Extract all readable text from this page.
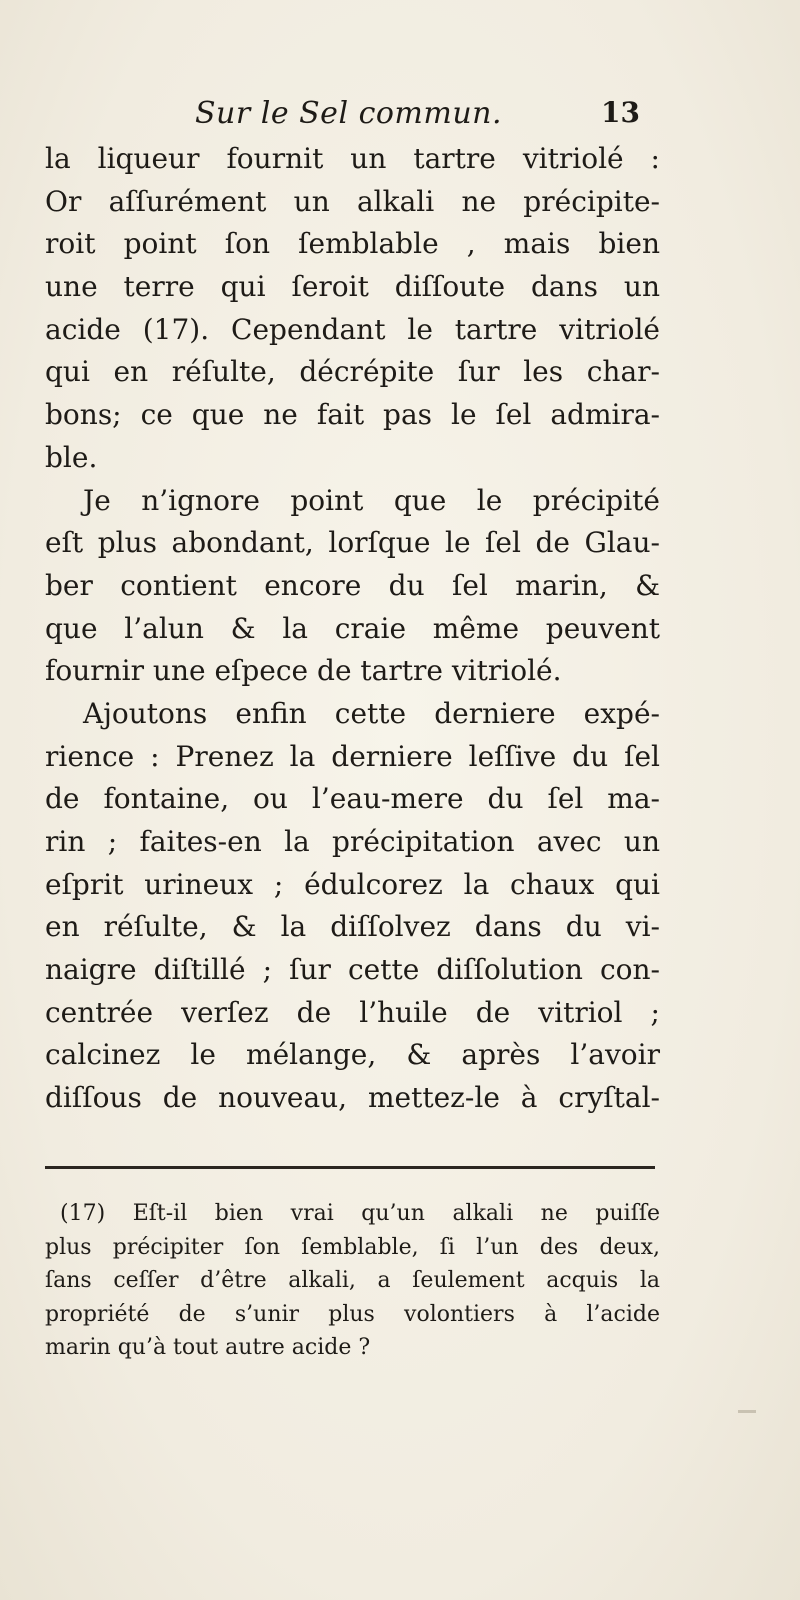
Sur le Sel commun.	13
la liqueur fournit un tartre vitriolé :
Or aſſurément un alkali ne précipite-
roit point ſon ſemblable , mais bien
une terre qui ſeroit diſſoute dans un
acide (17). Cependant le tartre vitriolé
qui en réſulte, décrépite ſur les char-
bons; ce que ne fait pas le ſel admira-
ble.
Je n’ignore point que le précipité
eſt plus abondant, lorſque le ſel de Glau-
ber contient encore du ſel marin, &
que l’alun & la craie même peuvent
fournir une eſpece de tartre vitriolé.
Ajoutons enfin cette derniere expé-
rience : Prenez la derniere leſſive du ſel
de fontaine, ou l’eau-mere du ſel ma-
rin ; faites-en la précipitation avec un
eſprit urineux ; édulcorez la chaux qui
en réſulte, & la diſſolvez dans du vi-
naigre diſtillé ; ſur cette diſſolution con-
centrée verſez de l’huile de vitriol ;
calcinez le mélange, & après l’avoir
diſſous de nouveau, mettez-le à cryſtal-
(17) Eſt-il bien vrai qu’un alkali ne puiſſe
plus précipiter ſon ſemblable, ſi l’un des deux,
ſans ceſſer d’être alkali, a ſeulement acquis la
propriété de s’unir plus volontiers à l’acide
marin qu’à tout autre acide ?
